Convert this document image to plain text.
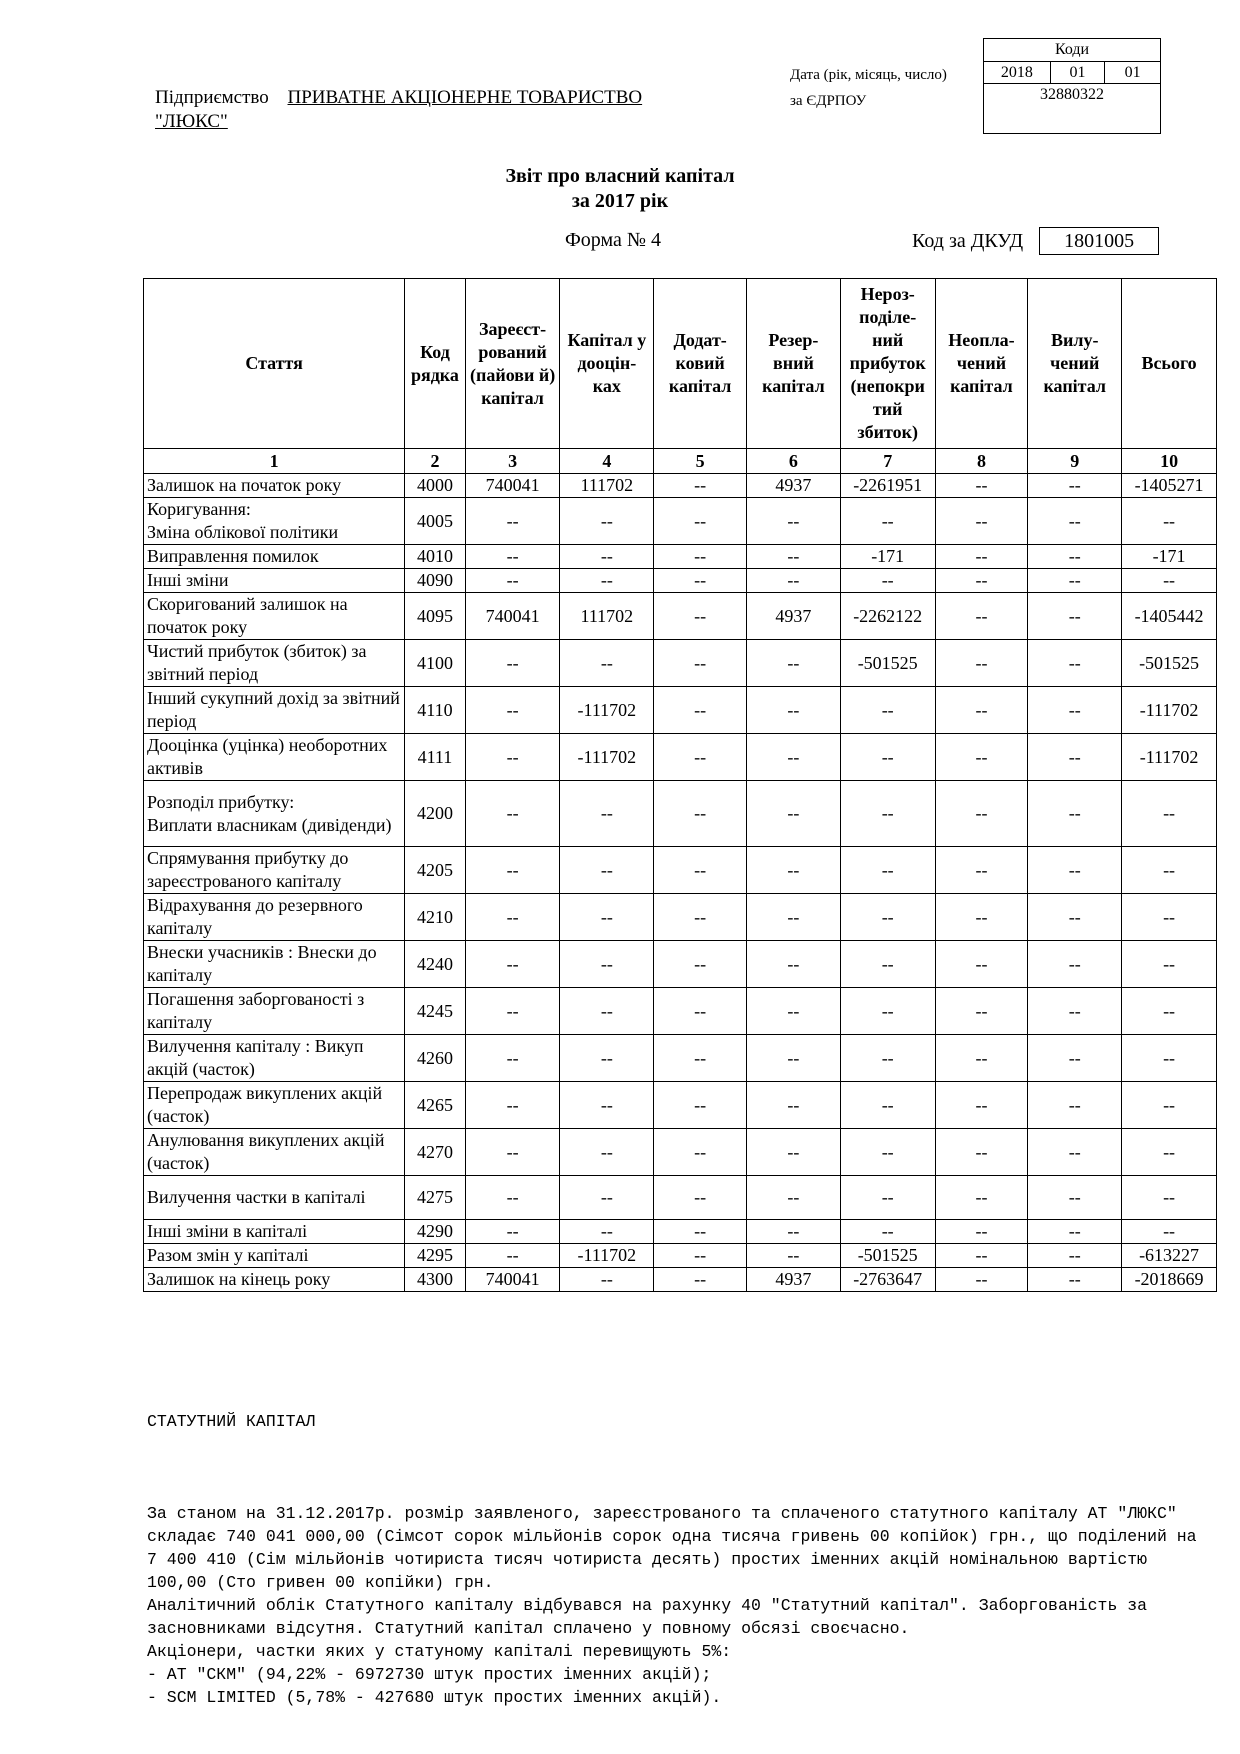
Підприємство ПРИВАТНЕ АКЦІОНЕРНЕ ТОВАРИСТВО
"ЛЮКС"
Дата (рік, місяць, число)
за ЄДРПОУ
Коди
2018	01	01
32880322
Звіт про власний капітал
за 2017 рік
Форма № 4	Код за ДКУД	1801005
Стаття	Код рядка	Зареєст-рований (пайови й) капітал	Капітал у дооцін-ках	Додат-ковий капітал	Резер-вний капітал	Нероз-поділе-ний прибуток (непокри тий збиток)	Неопла-чений капітал	Вилу-чений капітал	Всього
1	2	3	4	5	6	7	8	9	10
Залишок на початок року	4000	740041	111702	--	4937	-2261951	--	--	-1405271
Коригування:
Зміна облікової політики	4005	--	--	--	--	--	--	--	--
Виправлення помилок	4010	--	--	--	--	-171	--	--	-171
Інші зміни	4090	--	--	--	--	--	--	--	--
Скоригований залишок на початок року	4095	740041	111702	--	4937	-2262122	--	--	-1405442
Чистий прибуток (збиток) за звітний період	4100	--	--	--	--	-501525	--	--	-501525
Інший сукупний дохід за звітний період	4110	--	-111702	--	--	--	--	--	-111702
Дооцінка (уцінка) необоротних активів	4111	--	-111702	--	--	--	--	--	-111702
Розподіл прибутку:
Виплати власникам (дивіденди)	4200	--	--	--	--	--	--	--	--
Спрямування прибутку до зареєстрованого капіталу	4205	--	--	--	--	--	--	--	--
Відрахування до резервного капіталу	4210	--	--	--	--	--	--	--	--
Внески учасників : Внески до капіталу	4240	--	--	--	--	--	--	--	--
Погашення заборгованості з капіталу	4245	--	--	--	--	--	--	--	--
Вилучення капіталу : Викуп акцій (часток)	4260	--	--	--	--	--	--	--	--
Перепродаж викуплених акцій (часток)	4265	--	--	--	--	--	--	--	--
Анулювання викуплених акцій (часток)	4270	--	--	--	--	--	--	--	--
Вилучення частки в капіталі	4275	--	--	--	--	--	--	--	--
Інші зміни в капіталі	4290	--	--	--	--	--	--	--	--
Разом змін у капіталі	4295	--	-111702	--	--	-501525	--	--	-613227
Залишок на кінець року	4300	740041	--	--	4937	-2763647	--	--	-2018669

СТАТУТНИЙ КАПІТАЛ

За станом на 31.12.2017р. розмір заявленого, зареєстрованого та сплаченого статутного капіталу АТ "ЛЮКС" складає 740 041 000,00 (Сімсот сорок мільйонів сорок одна тисяча гривень 00 копійок) грн., що поділений на 7 400 410 (Сім мільйонів чотириста тисяч чотириста десять) простих іменних акцій номінальною вартістю 100,00 (Сто гривен 00 копійки) грн.
Аналітичний облік Статутного капіталу відбувався на рахунку 40 "Статутний капітал". Заборгованість за засновниками відсутня. Статутний капітал сплачено у повному обсязі своєчасно.
Акціонери, частки яких у статуному капіталі перевищують 5%:
- АТ "СКМ" (94,22% - 6972730 штук простих іменних акцій);
- SCM LIMITED (5,78% - 427680 штук простих іменних акцій).
